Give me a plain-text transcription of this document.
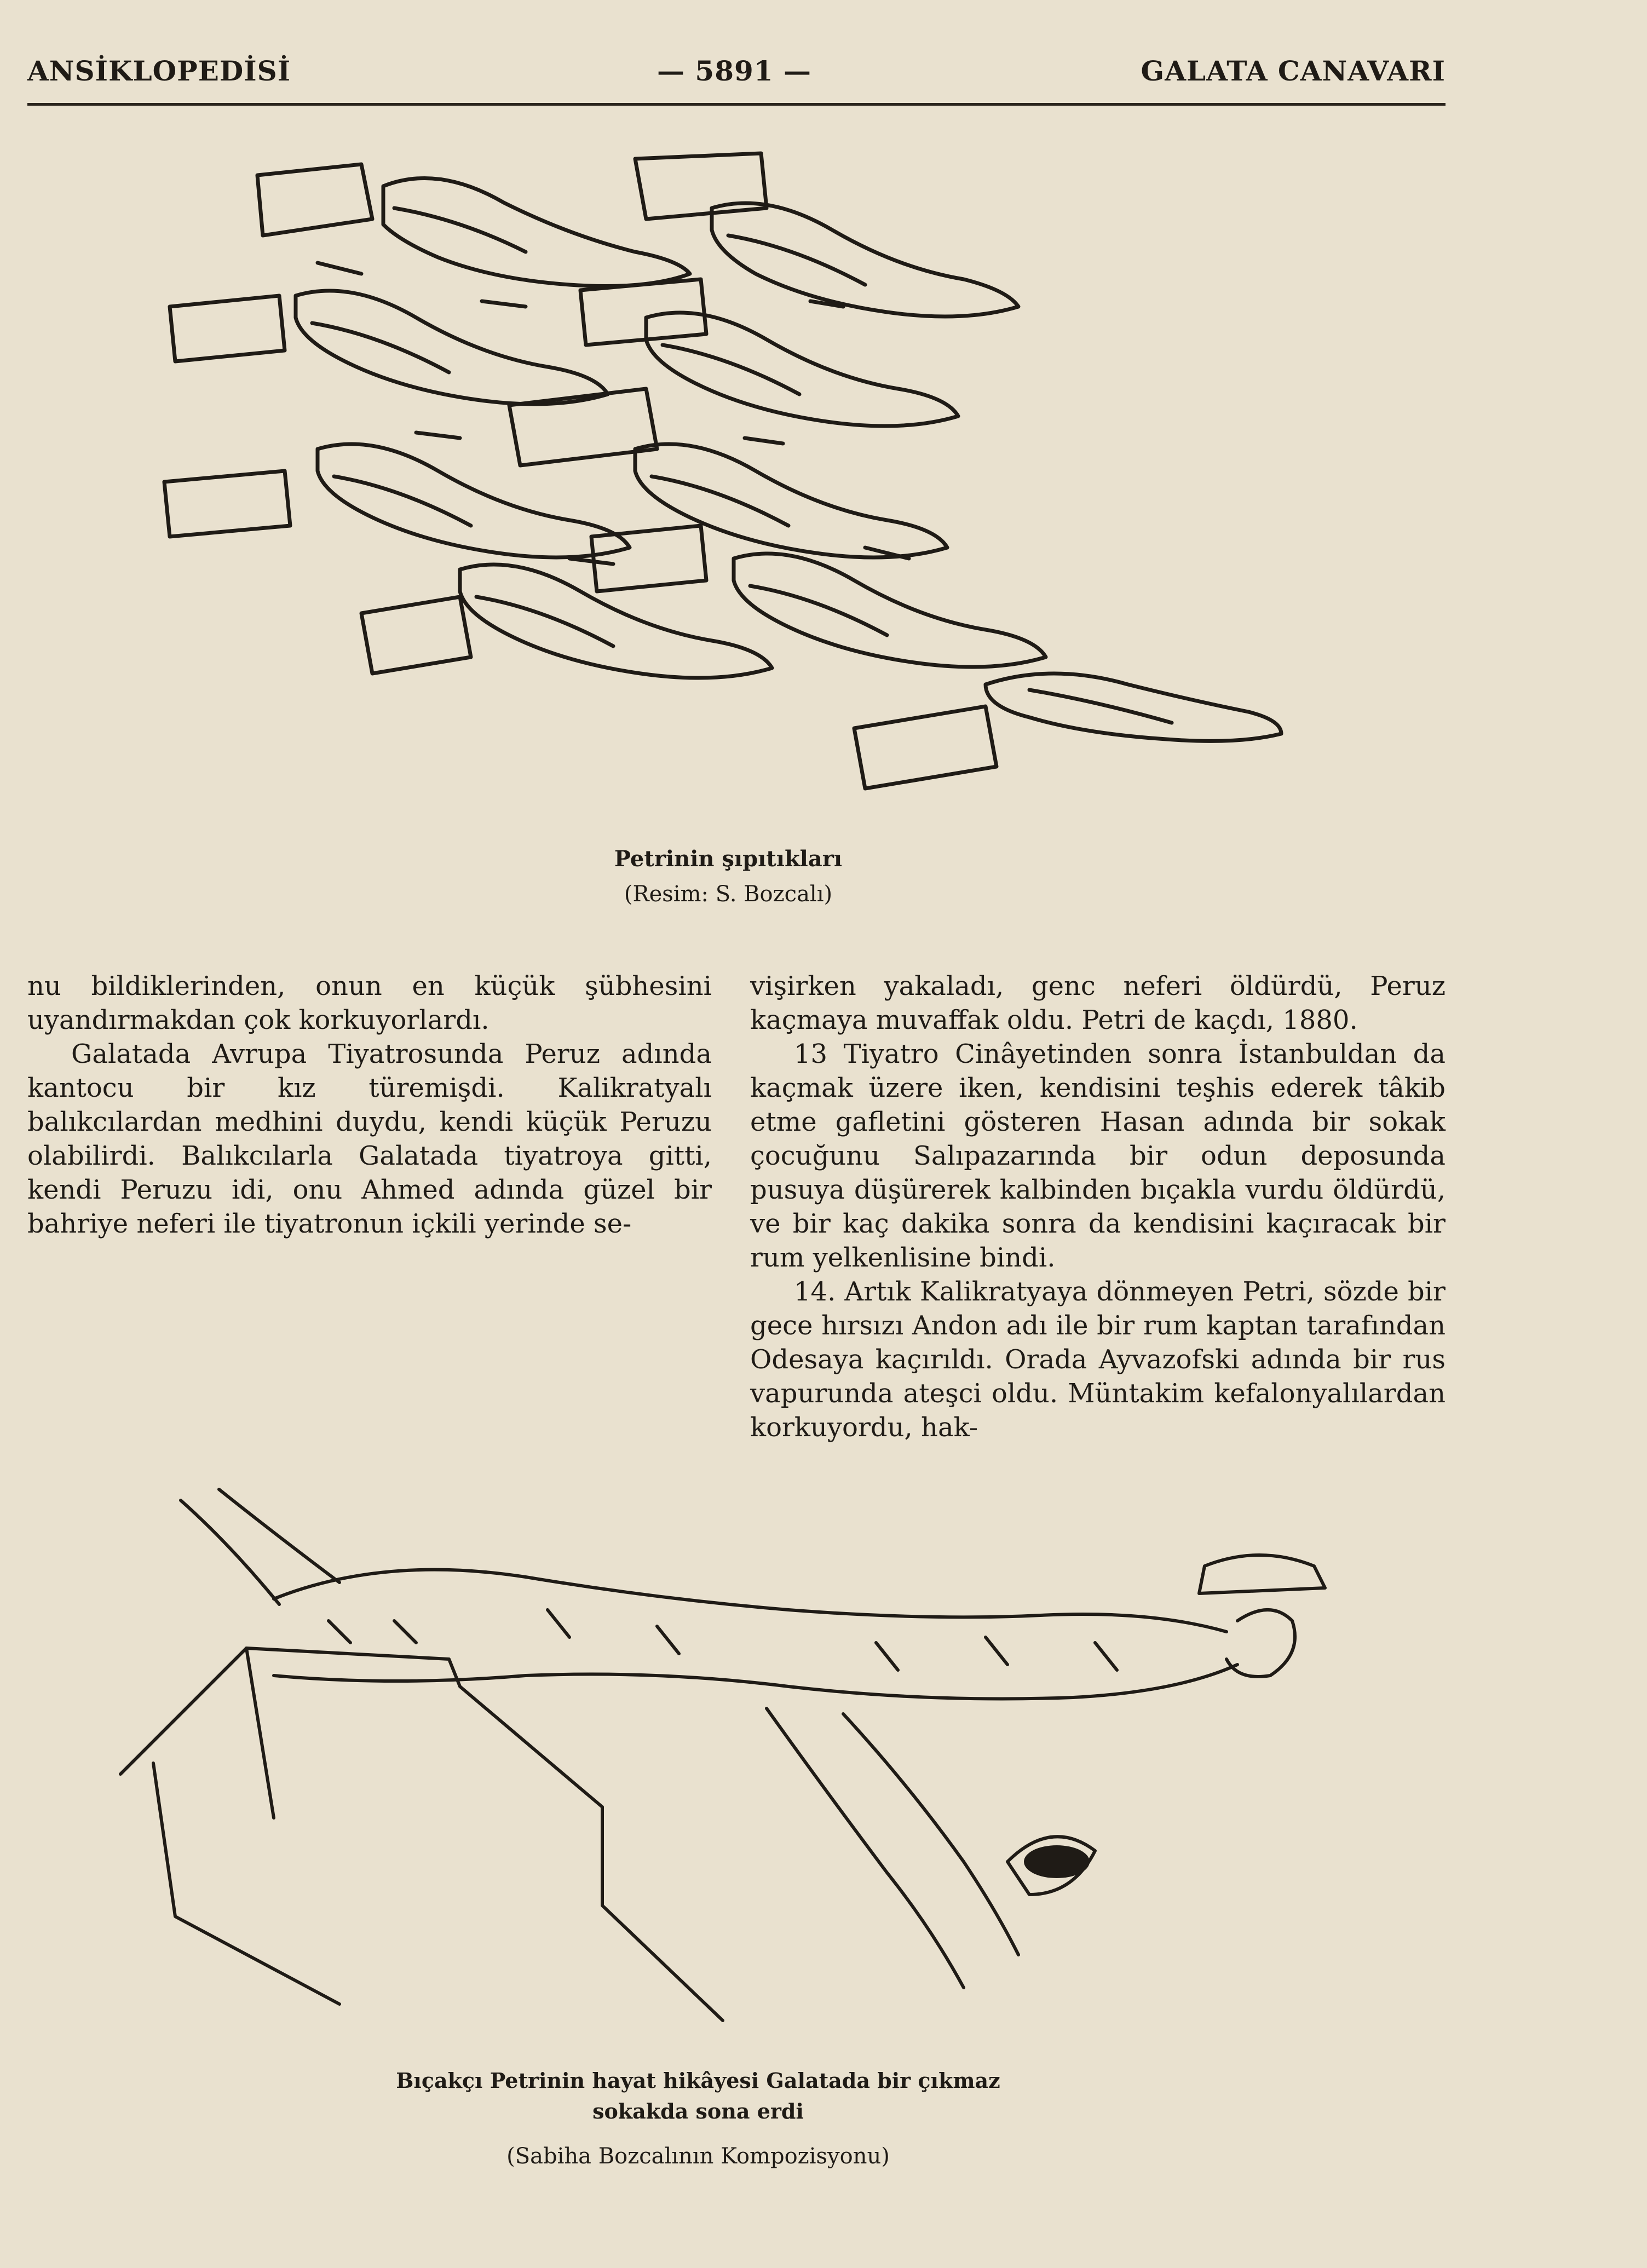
ANSİKLOPEDİSİ	— 5891 —	GALATA CANAVARI
Petrinin şıpıtıkları
(Resim: S. Bozcalı)

nu bildiklerinden, onun en küçük şübhesini uyandırmakdan çok korkuyorlardı.

Galatada Avrupa Tiyatrosunda Peruz adında kantocu bir kız türemişdi. Kalikratyalı balıkcılardan medhini duydu, kendi küçük Peruzu olabilirdi. Balıkcılarla Galatada tiyatroya gitti, kendi Peruzu idi, onu Ahmed adında güzel bir bahriye neferi ile tiyatronun içkili yerinde se-

vişirken yakaladı, genc neferi öldürdü, Peruz kaçmaya muvaffak oldu. Petri de kaçdı, 1880.

13 Tiyatro Cinâyetinden sonra İstanbuldan da kaçmak üzere iken, kendisini teşhis ederek tâkib etme gafletini gösteren Hasan adında bir sokak çocuğunu Salıpazarında bir odun deposunda pusuya düşürerek kalbinden bıçakla vurdu öldürdü, ve bir kaç dakika sonra da kendisini kaçıracak bir rum yelkenlisine bindi.

14. Artık Kalikratyaya dönmeyen Petri, sözde bir gece hırsızı Andon adı ile bir rum kaptan tarafından Odesaya kaçırıldı. Orada Ayvazofski adında bir rus vapurunda ateşci oldu. Müntakim kefalonyalılardan korkuyordu, hak-

Bıçakçı Petrinin hayat hikâyesi Galatada bir çıkmaz
sokakda sona erdi
(Sabiha Bozcalının Kompozisyonu)
